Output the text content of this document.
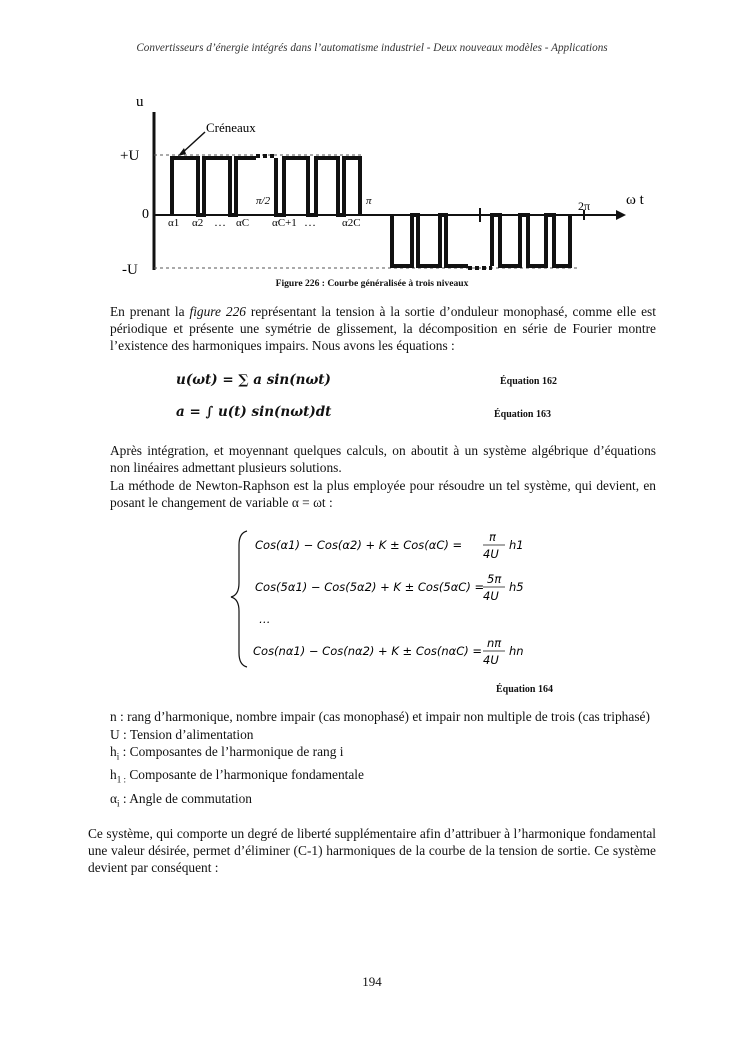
Convertisseurs d’énergie intégrés dans l’automatisme industriel - Deux nouveaux modèles - Applications
u
+U
0
-U
Créneaux
π/2	π	2π ω t
α1 α2 … αC αC+1 … α2C
Figure 226 : Courbe généralisée à trois niveaux
En prenant la figure 226 représentant la tension à la sortie d’onduleur monophasé, comme elle est périodique et présente une symétrie de glissement, la décomposition en série de Fourier montre l’existence des harmoniques impairs. Nous avons les équations :
u(ωt) = ∑ a sin(nωt)	Équation 162
a = ∫ u(t) sin(nωt)dt	Équation 163
Après intégration, et moyennant quelques calculs, on aboutit à un système algébrique d’équations non linéaires admettant plusieurs solutions.
La méthode de Newton-Raphson est la plus employée pour résoudre un tel système, qui devient, en posant le changement de variable α = ωt :
Cos(α1) − Cos(α2) + K ± Cos(αC) =
π
4U
h1
Cos(5α1) − Cos(5α2) + K ± Cos(5αC) =
5π
4U
h5
…
Cos(nα1) − Cos(nα2) + K ± Cos(nαC) =
nπ
4U
hn
Équation 164
n : rang d’harmonique, nombre impair (cas monophasé) et impair non multiple de trois (cas triphasé)
U : Tension d’alimentation
$h_i$ : Composantes de l’harmonique de rang i
$h_{1 :}$ Composante de l’harmonique fondamentale
$\alpha_i$ : Angle de commutation
Ce système, qui comporte un degré de liberté supplémentaire afin d’attribuer à l’harmonique fondamental une valeur désirée, permet d’éliminer (C-1) harmoniques de la courbe de la tension de sortie. Ce système devient par conséquent :
194
